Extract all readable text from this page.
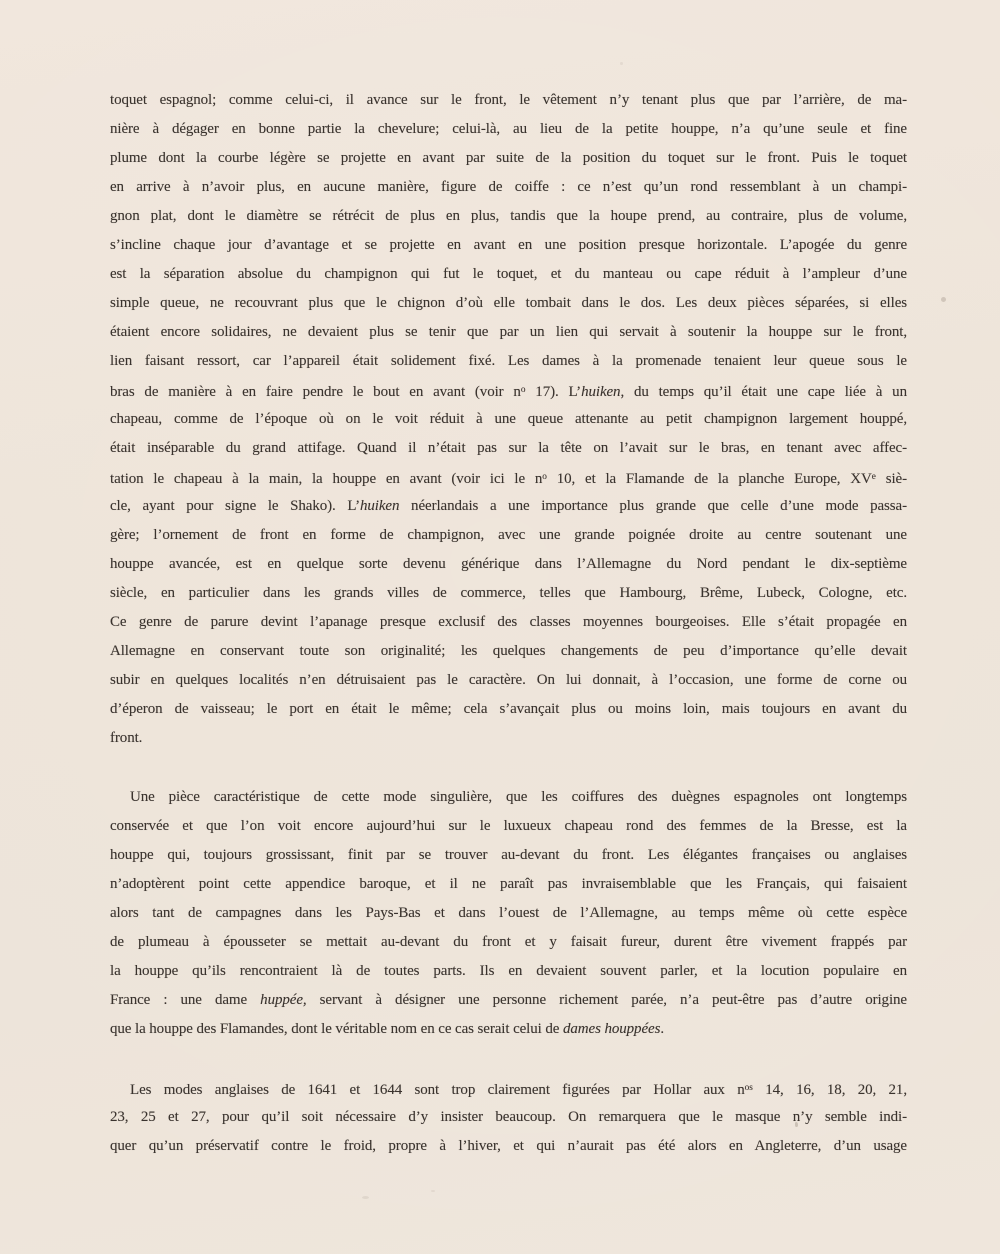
toquet espagnol; comme celui-ci, il avance sur le front, le vêtement n’y tenant plus que par l’arrière, de ma-
nière à dégager en bonne partie la chevelure; celui-là, au lieu de la petite houppe, n’a qu’une seule et fine
plume dont la courbe légère se projette en avant par suite de la position du toquet sur le front. Puis le toquet
en arrive à n’avoir plus, en aucune manière, figure de coiffe : ce n’est qu’un rond ressemblant à un champi-
gnon plat, dont le diamètre se rétrécit de plus en plus, tandis que la houpe prend, au contraire, plus de volume,
s’incline chaque jour d’avantage et se projette en avant en une position presque horizontale. L’apogée du genre
est la séparation absolue du champignon qui fut le toquet, et du manteau ou cape réduit à l’ampleur d’une
simple queue, ne recouvrant plus que le chignon d’où elle tombait dans le dos. Les deux pièces séparées, si elles
étaient encore solidaires, ne devaient plus se tenir que par un lien qui servait à soutenir la houppe sur le front,
lien faisant ressort, car l’appareil était solidement fixé. Les dames à la promenade tenaient leur queue sous le
bras de manière à en faire pendre le bout en avant (voir $n^o$ 17). L’huiken, du temps qu’il était une cape liée à un
chapeau, comme de l’époque où on le voit réduit à une queue attenante au petit champignon largement houppé,
était inséparable du grand attifage. Quand il n’était pas sur la tête on l’avait sur le bras, en tenant avec affec-
tation le chapeau à la main, la houppe en avant (voir ici le $n^o$ 10, et la Flamande de la planche Europe, XVe siè-
cle, ayant pour signe le Shako). L’huiken néerlandais a une importance plus grande que celle d’une mode passa-
gère; l’ornement de front en forme de champignon, avec une grande poignée droite au centre soutenant une
houppe avancée, est en quelque sorte devenu générique dans l’Allemagne du Nord pendant le dix-septième
siècle, en particulier dans les grands villes de commerce, telles que Hambourg, Brême, Lubeck, Cologne, etc.
Ce genre de parure devint l’apanage presque exclusif des classes moyennes bourgeoises. Elle s’était propagée en
Allemagne en conservant toute son originalité; les quelques changements de peu d’importance qu’elle devait
subir en quelques localités n’en détruisaient pas le caractère. On lui donnait, à l’occasion, une forme de corne ou
d’éperon de vaisseau; le port en était le même; cela s’avançait plus ou moins loin, mais toujours en avant du
front.
Une pièce caractéristique de cette mode singulière, que les coiffures des duègnes espagnoles ont longtemps
conservée et que l’on voit encore aujourd’hui sur le luxueux chapeau rond des femmes de la Bresse, est la
houppe qui, toujours grossissant, finit par se trouver au-devant du front. Les élégantes françaises ou anglaises
n’adoptèrent point cette appendice baroque, et il ne paraît pas invraisemblable que les Français, qui faisaient
alors tant de campagnes dans les Pays-Bas et dans l’ouest de l’Allemagne, au temps même où cette espèce
de plumeau à épousseter se mettait au-devant du front et y faisait fureur, durent être vivement frappés par
la houppe qu’ils rencontraient là de toutes parts. Ils en devaient souvent parler, et la locution populaire en
France : une dame huppée, servant à désigner une personne richement parée, n’a peut-être pas d’autre origine
que la houppe des Flamandes, dont le véritable nom en ce cas serait celui de dames houppées.
Les modes anglaises de 1641 et 1644 sont trop clairement figurées par Hollar aux $n^{os}$ 14, 16, 18, 20, 21,
23, 25 et 27, pour qu’il soit nécessaire d’y insister beaucoup. On remarquera que le masque n’y semble indi-
quer qu’un préservatif contre le froid, propre à l’hiver, et qui n’aurait pas été alors en Angleterre, d’un usage
